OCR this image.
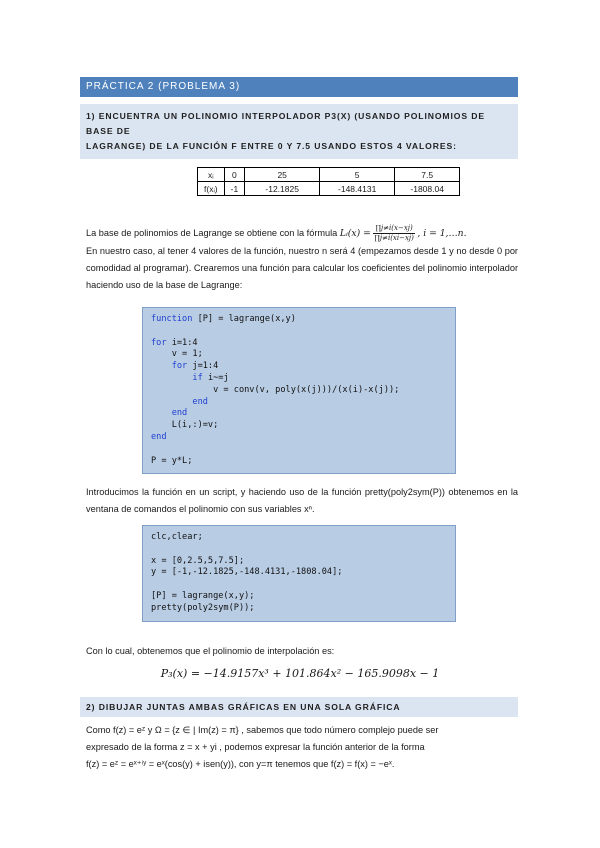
PRÁCTICA 2 (PROBLEMA 3)
1) ENCUENTRA UN POLINOMIO INTERPOLADOR P3(X) (USANDO POLINOMIOS DE BASE DE
LAGRANGE) DE LA FUNCIÓN F ENTRE 0 Y 7.5 USANDO ESTOS 4 VALORES:
xᵢ	0	25	5	7.5
f(xᵢ)	-1	-12.1825	-148.4131	-1808.04
La base de polinomios de Lagrange se obtiene con la fórmula Lᵢ(x) = $\frac{\prod j\ne i(x-xj)}{\prod j\ne i(xi-xj)}$ , i = 1,…n.
En nuestro caso, al tener 4 valores de la función, nuestro n será 4 (empezamos desde 1 y no desde 0 por comodidad al programar). Crearemos una función para calcular los coeficientes del polinomio interpolador haciendo uso de la base de Lagrange:
function [P] = lagrange(x,y)
for i=1:4
v = 1;
for j=1:4
if i~=j
v = conv(v, poly(x(j)))/(x(i)-x(j));
end
end
L(i,:)=v;
end
P = y*L;
Introducimos la función en un script, y haciendo uso de la función pretty(poly2sym(P)) obtenemos en la ventana de comandos el polinomio con sus variables xⁿ.
clc,clear;
x = [0,2.5,5,7.5];
y = [-1,-12.1825,-148.4131,-1808.04];
[P] = lagrange(x,y);
pretty(poly2sym(P));
Con lo cual, obtenemos que el polinomio de interpolación es:
P₃(x) = −14.9157x³ + 101.864x² − 165.9098x − 1
2) DIBUJAR JUNTAS AMBAS GRÁFICAS EN UNA SOLA GRÁFICA
Como f(z) = eᶻ y Ω = {z ∈ | Im(z) = π} , sabemos que todo número complejo puede ser
expresado de la forma z = x + yi , podemos expresar la función anterior de la forma
f(z) = eᶻ = eˣ⁺ⁱʸ = eˣ(cos(y) + isen(y)), con y=π tenemos que f(z) = f(x) = −eˣ.
